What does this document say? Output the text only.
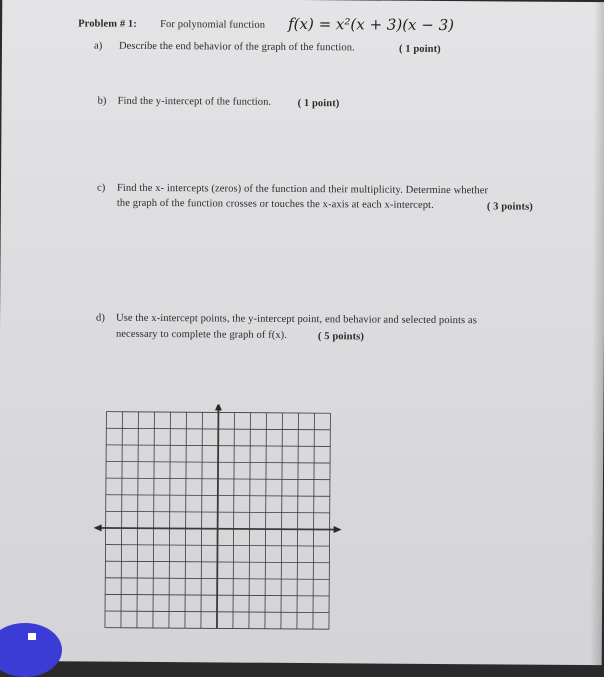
Problem # 1: For polynomial function f(x) = x²(x + 3)(x − 3)
a) Describe the end behavior of the graph of the function.	( 1 point)
b) Find the y-intercept of the function.	( 1 point)
c) Find the x- intercepts (zeros) of the function and their multiplicity. Determine whether
the graph of the function crosses or touches the x-axis at each x-intercept.	( 3 points)
d) Use the x-intercept points, the y-intercept point, end behavior and selected points as
necessary to complete the graph of f(x).	( 5 points)
